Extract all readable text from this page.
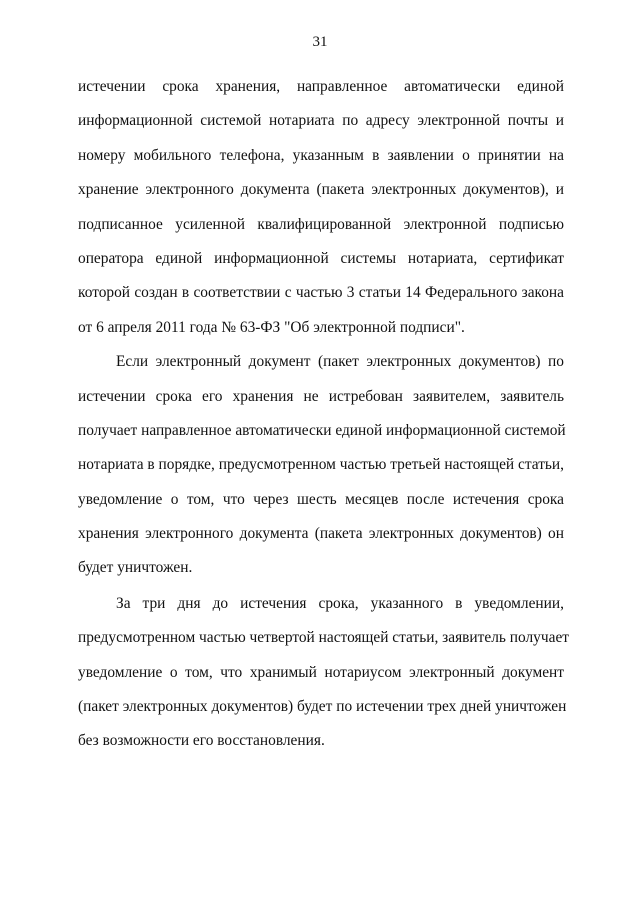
31
истечении срока хранения, направленное автоматически единой
информационной системой нотариата по адресу электронной почты и
номеру мобильного телефона, указанным в заявлении о принятии на
хранение электронного документа (пакета электронных документов), и
подписанное усиленной квалифицированной электронной подписью
оператора единой информационной системы нотариата, сертификат
которой создан в соответствии с частью 3 статьи 14 Федерального закона
от 6 апреля 2011 года № 63-ФЗ "Об электронной подписи".
Если электронный документ (пакет электронных документов) по
истечении срока его хранения не истребован заявителем, заявитель
получает направленное автоматически единой информационной системой
нотариата в порядке, предусмотренном частью третьей настоящей статьи,
уведомление о том, что через шесть месяцев после истечения срока
хранения электронного документа (пакета электронных документов) он
будет уничтожен.
За три дня до истечения срока, указанного в уведомлении,
предусмотренном частью четвертой настоящей статьи, заявитель получает
уведомление о том, что хранимый нотариусом электронный документ
(пакет электронных документов) будет по истечении трех дней уничтожен
без возможности его восстановления.
